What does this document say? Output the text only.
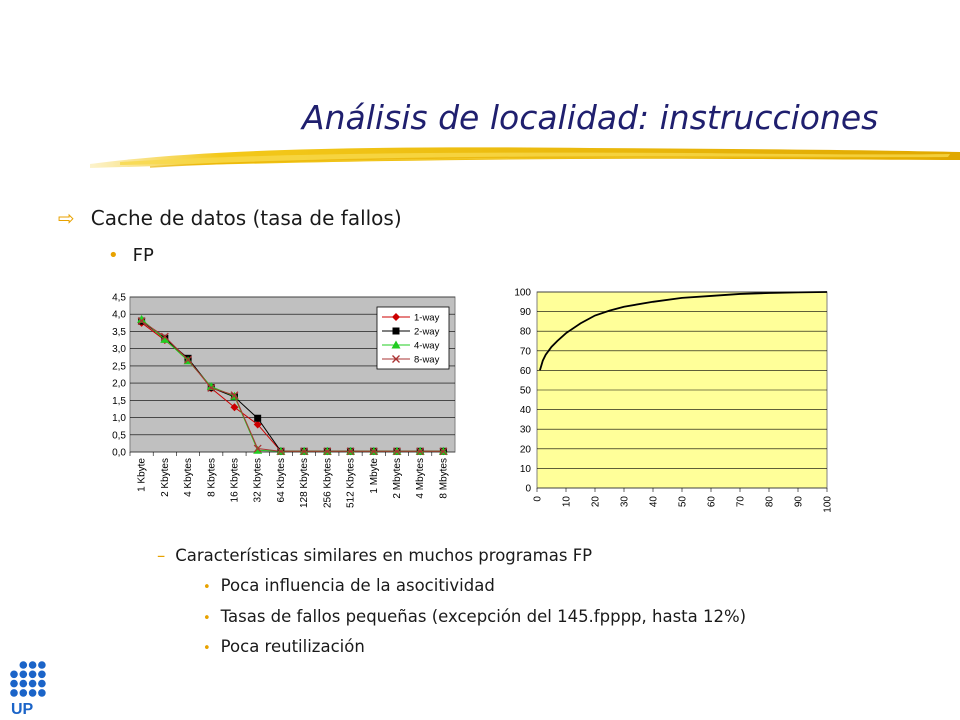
Análisis de localidad: instrucciones
⇨ Cache de datos (tasa de fallos)
• FP
0,0
0,5
1,0
1,5
2,0
2,5
3,0
3,5
4,0
4,5
1 Kbyte 2 Kbytes 4 Kbytes 8 Kbytes 16 Kbytes 32 Kbytes 64 Kbytes 128 Kbytes 256 Kbytes 512 Kbytes 1 Mbyte 2 Mbytes 4 Mbytes 8 Mbytes
1-way
2-way
4-way
8-way
0
10
20
30
40
50
60
70
80
90
100
0 10 20 30 40 50 60 70 80 90 100
– Características similares en muchos programas FP
• Poca influencia de la asocitividad
• Tasas de fallos pequeñas (excepción del 145.fpppp, hasta 12%)
• Poca reutilización
UP
